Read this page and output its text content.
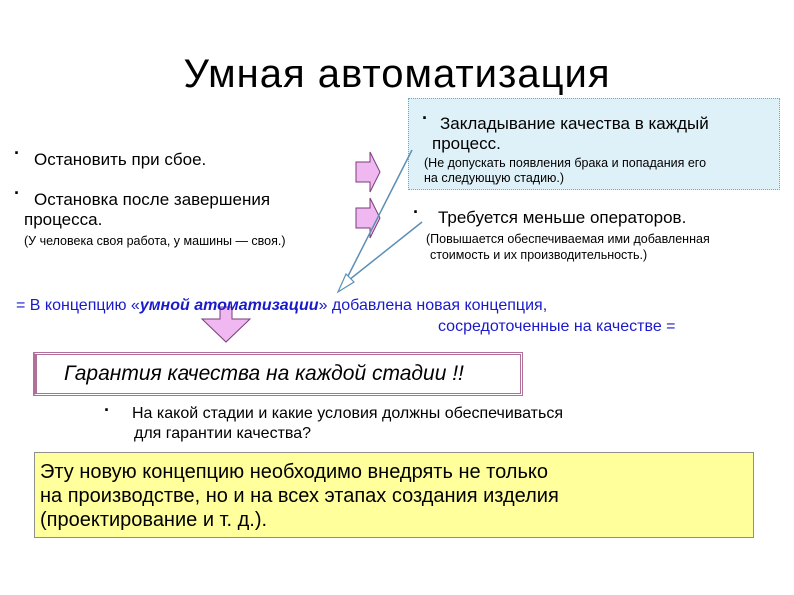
Умная автоматизация
· Остановить при сбое.
· Остановка после завершения
процесса.
(У человека своя работа, у машины — своя.)
· Закладывание качества в каждый
процесс.
(Не допускать появления брака и попадания его
на следующую стадию.)
· Требуется меньше операторов.
(Повышается обеспечиваемая ими добавленная
стоимость и их производительность.)
= В концепцию «умной атоматизации» добавлена новая концепция,
сосредоточенные на качестве =
Гарантия качества на каждой стадии !!
· На какой стадии и какие условия должны обеспечиваться
для гарантии качества?
Эту новую концепцию необходимо внедрять не только
на производстве, но и на всех этапах создания изделия
(проектирование и т. д.).
